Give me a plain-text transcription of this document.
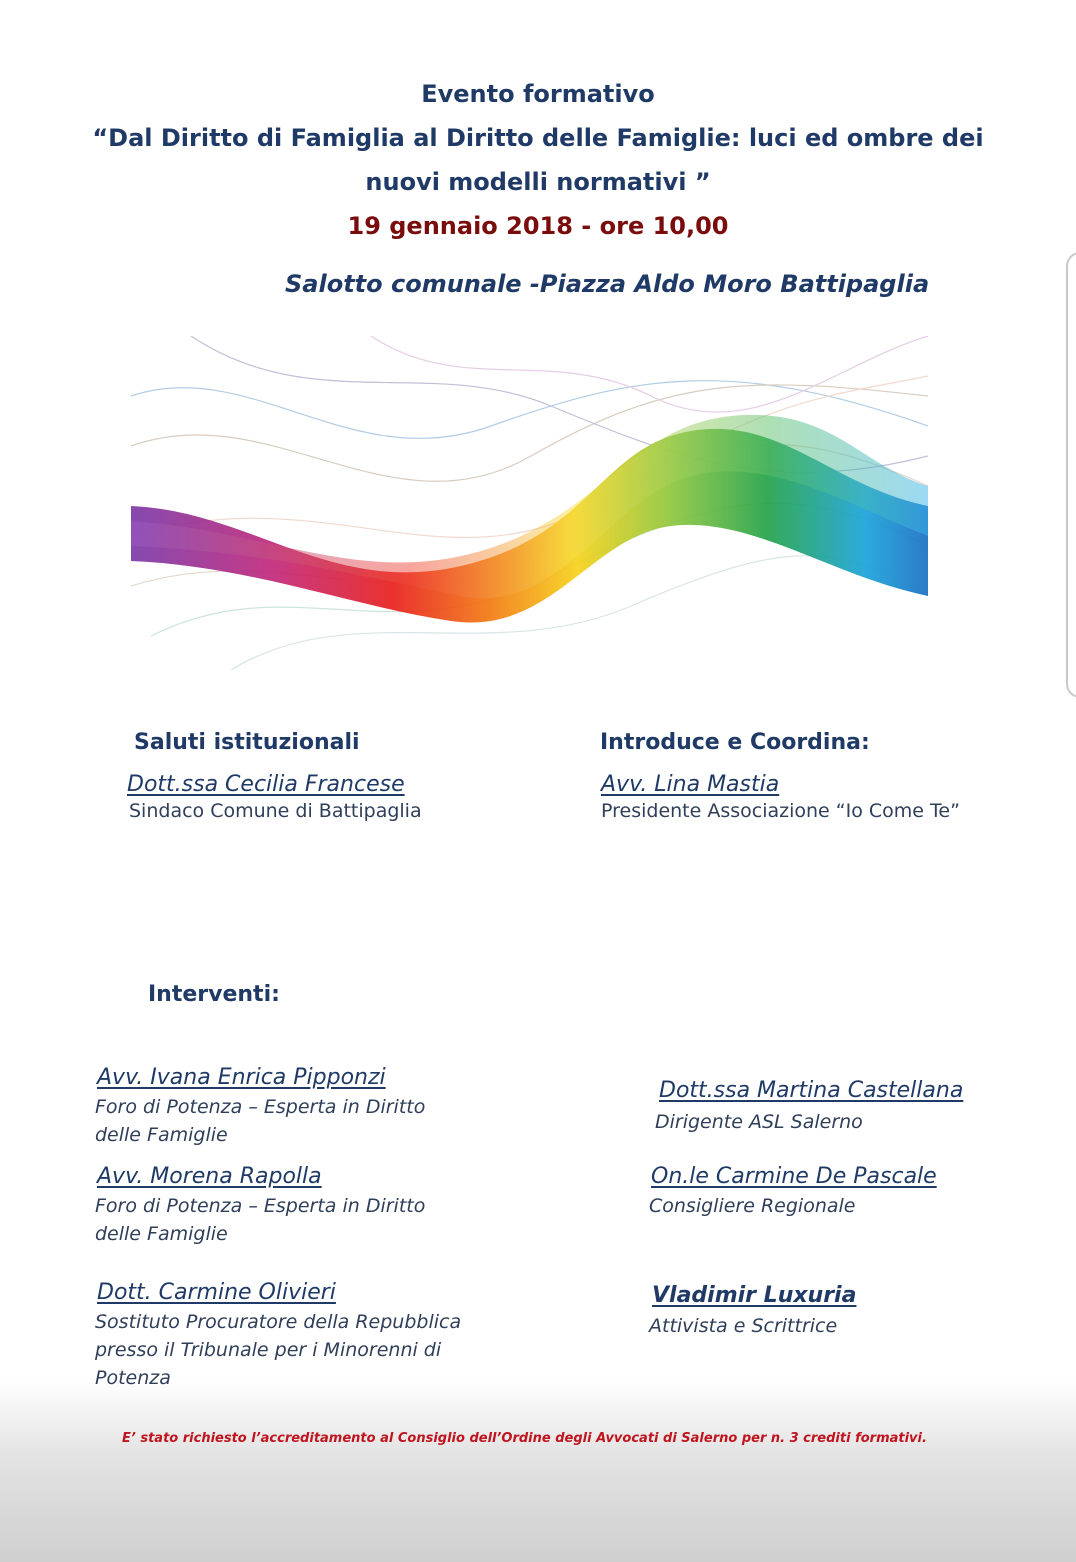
Evento formativo
“Dal Diritto di Famiglia al Diritto delle Famiglie: luci ed ombre dei
nuovi modelli normativi ”
19 gennaio 2018 - ore 10,00
Salotto comunale -Piazza Aldo Moro Battipaglia
Saluti istituzionali
Dott.ssa Cecilia Francese
Sindaco Comune di Battipaglia
Introduce e Coordina:
Avv. Lina Mastia
Presidente Associazione “Io Come Te”
Interventi:
Avv. Ivana Enrica Pipponzi
Foro di Potenza – Esperta in Diritto
delle Famiglie
Avv. Morena Rapolla
Foro di Potenza – Esperta in Diritto
delle Famiglie
Dott. Carmine Olivieri
Sostituto Procuratore della Repubblica
presso il Tribunale per i Minorenni di
Potenza
Dott.ssa Martina Castellana
Dirigente ASL Salerno
On.le Carmine De Pascale
Consigliere Regionale
Vladimir Luxuria
Attivista e Scrittrice
E’ stato richiesto l’accreditamento al Consiglio dell’Ordine degli Avvocati di Salerno per n. 3 crediti formativi.
